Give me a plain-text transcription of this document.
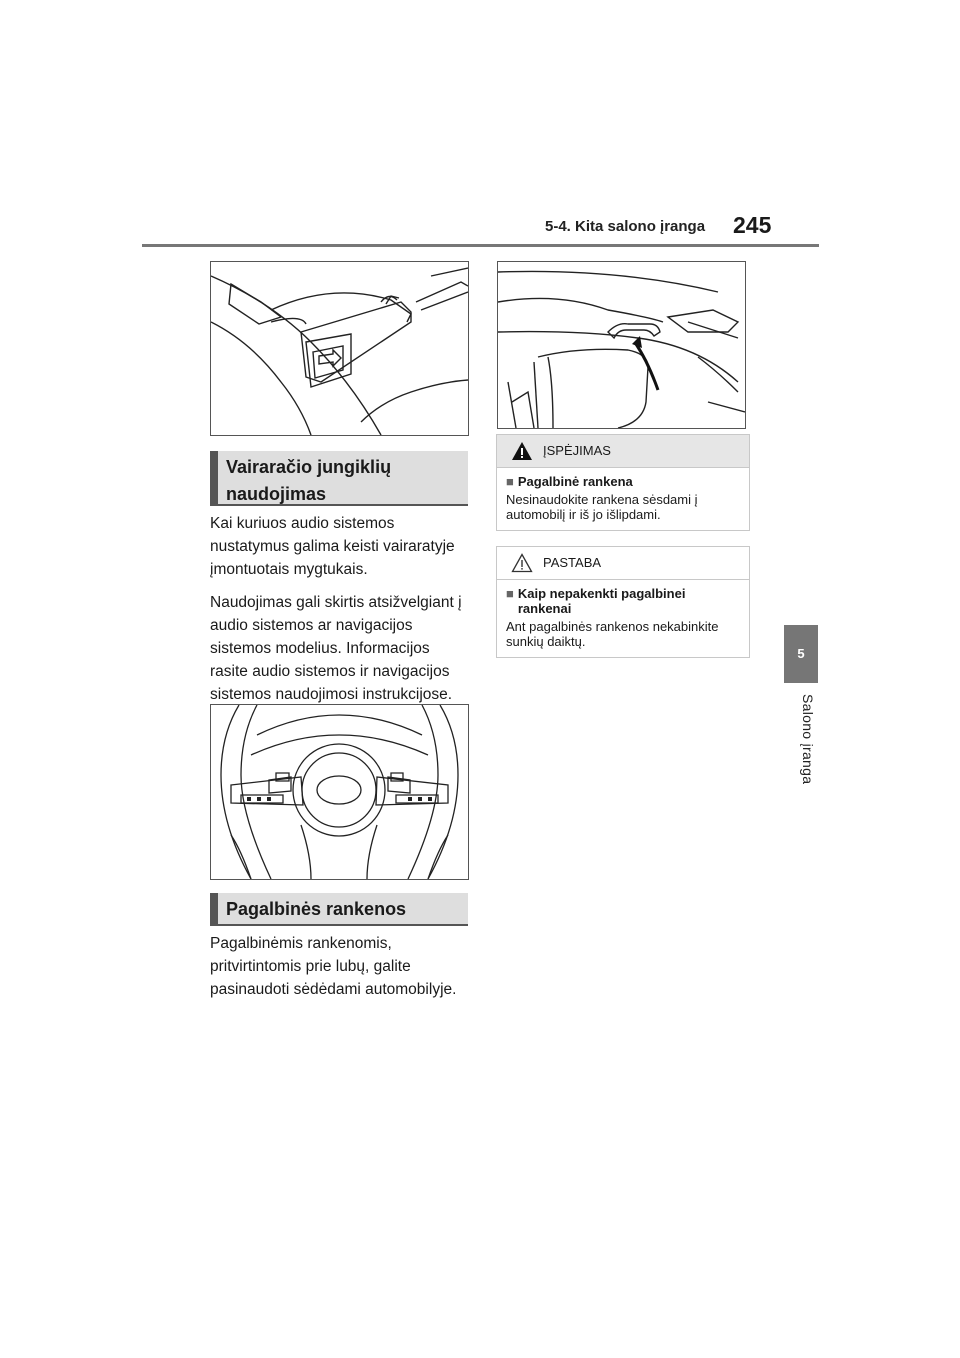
5-4. Kita salono įranga 245
5
Salono įranga
Vairaračio jungiklių naudojimas

Kai kuriuos audio sistemos nustatymus galima keisti vairaratyje įmontuotais mygtukais.

Naudojimas gali skirtis atsižvelgiant į audio sistemos ar navigacijos sistemos modelius. Informacijos rasite audio sistemos ir navigacijos sistemos naudojimosi instrukcijose.

Pagalbinės rankenos

Pagalbinėmis rankenomis, pritvirtintomis prie lubų, galite pasinaudoti sėdėdami automobilyje.

ĮSPĖJIMAS
■ Pagalbinė rankena
Nesinaudokite rankena sėsdami į automobilį ir iš jo išlipdami.
PASTABA
■ Kaip nepakenkti pagalbinei rankenai
Ant pagalbinės rankenos nekabinkite sunkių daiktų.
